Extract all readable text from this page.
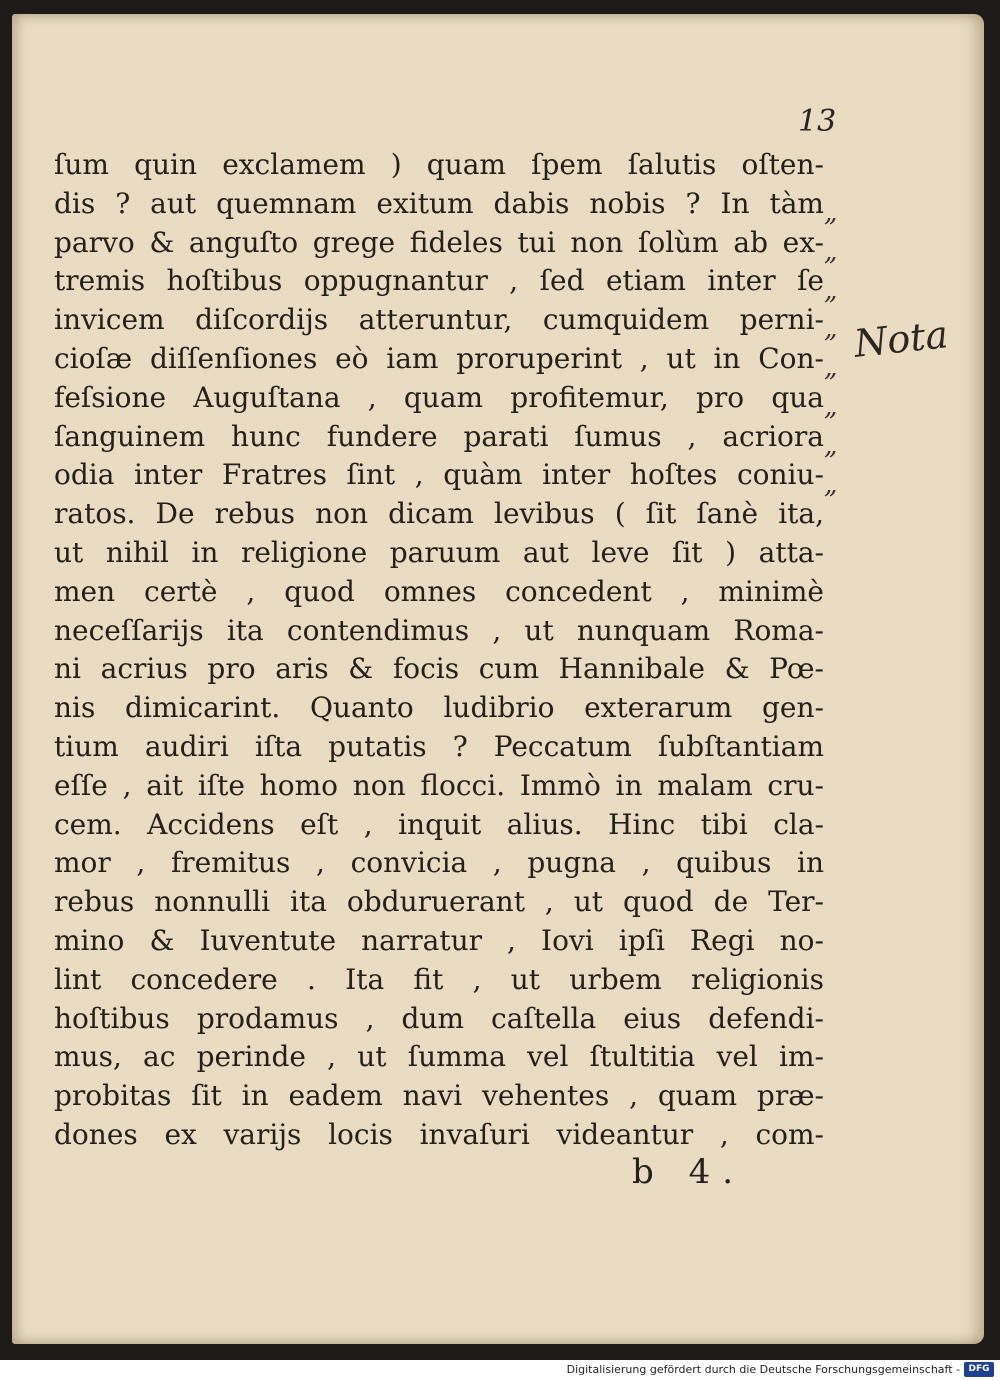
13
ſum quin exclamem ) quam ſpem ſalutis oſten-
dis ? aut quemnam exitum dabis nobis ? In tàm
parvo & anguſto grege fideles tui non ſolùm ab ex-
tremis hoſtibus oppugnantur , ſed etiam inter ſe
invicem diſcordijs atteruntur, cumquidem perni-
cioſæ diſſenſiones eò iam proruperint , ut in Con-
feſsione Auguſtana , quam profitemur, pro qua
ſanguinem hunc fundere parati ſumus , acriora
odia inter Fratres ſint , quàm inter hoſtes coniu-
ratos. De rebus non dicam levibus ( ſit ſanè ita,
ut nihil in religione paruum aut leve ſit ) atta-
men certè , quod omnes concedent , minimè
neceſſarijs ita contendimus , ut nunquam Roma-
ni acrius pro aris & focis cum Hannibale & Pœ-
nis dimicarint. Quanto ludibrio exterarum gen-
tium audiri iſta putatis ? Peccatum ſubſtantiam
eſſe , ait iſte homo non flocci. Immò in malam cru-
cem. Accidens eſt , inquit alius. Hinc tibi cla-
mor , fremitus , convicia , pugna , quibus in
rebus nonnulli ita obduruerant , ut quod de Ter-
mino & Iuventute narratur , Iovi ipſi Regi no-
lint concedere . Ita fit , ut urbem religionis
hoſtibus prodamus , dum caſtella eius defendi-
mus, ac perinde , ut ſumma vel ſtultitia vel im-
probitas ſit in eadem navi vehentes , quam præ-
dones ex varijs locis invaſuri videantur , com-
„
„
„
„
„
„
„
„
Nota
b 4.
Digitalisierung gefördert durch die Deutsche Forschungsgemeinschaft - DFG
